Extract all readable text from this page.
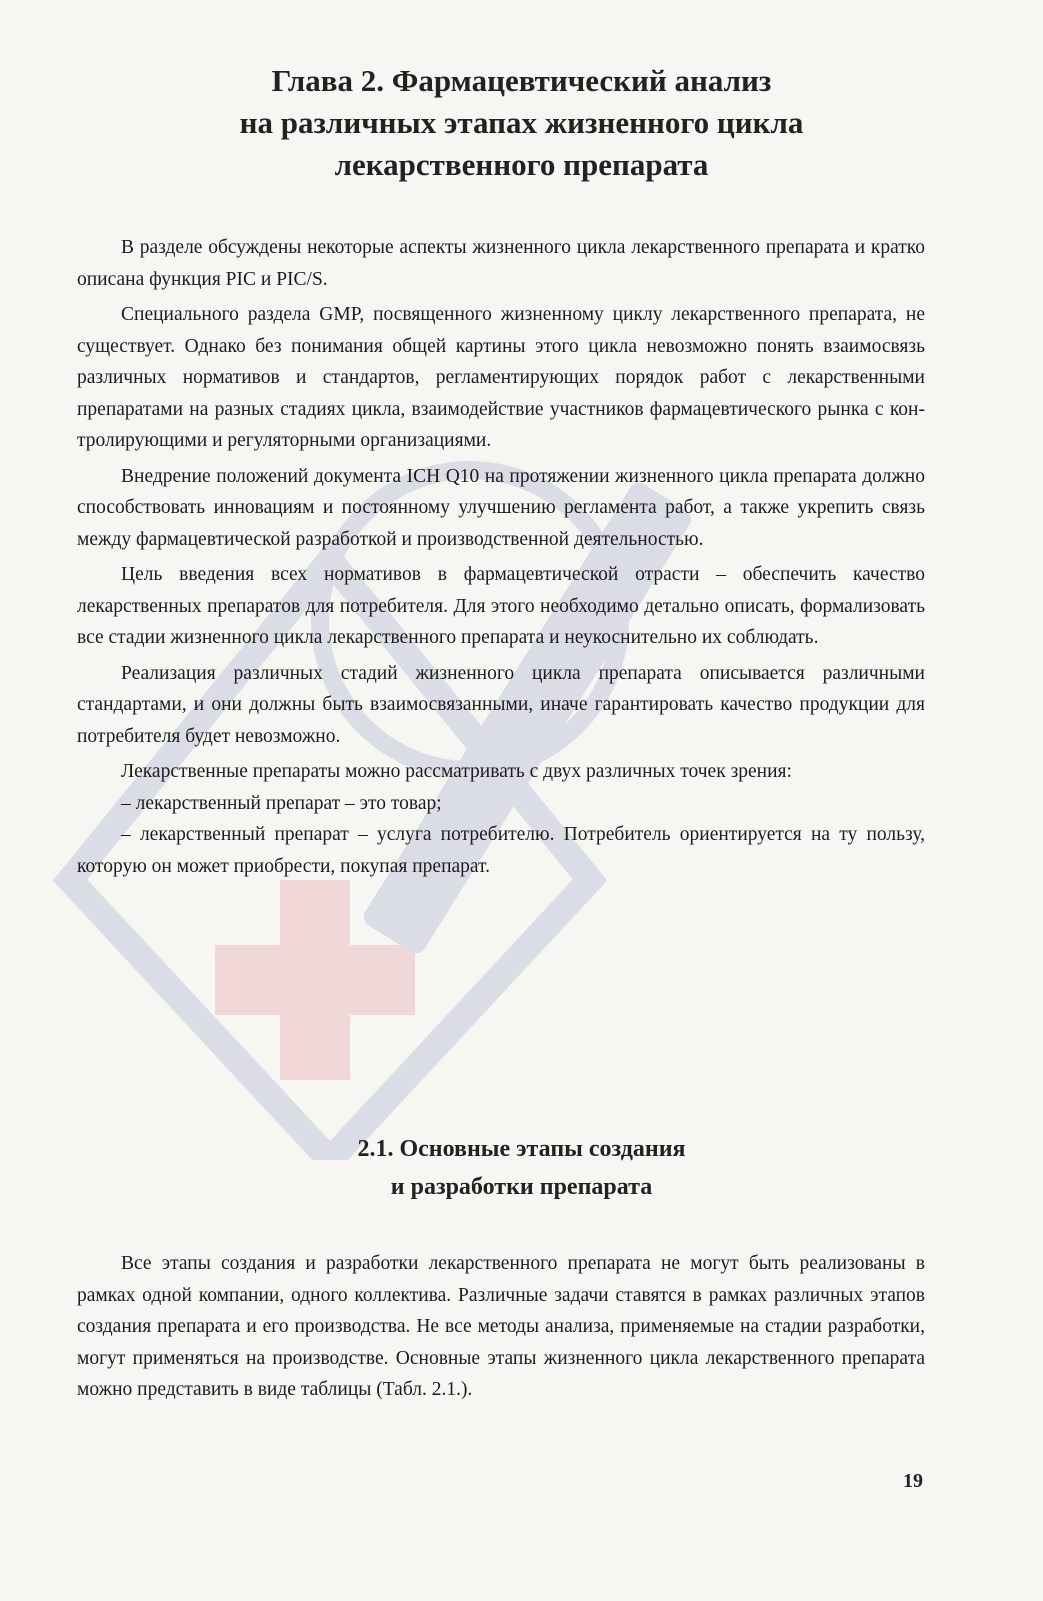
Глава 2. Фармацевтический анализ
на различных этапах жизненного цикла
лекарственного препарата

В разделе обсуждены некоторые аспекты жизненного цикла лекарственного препарата и кратко описана функция PIC и PIC/S.

Специального раздела GMP, посвященного жизненному циклу лекарственного препарата, не существует. Однако без понимания общей картины этого цикла невозможно понять взаимосвязь различных нормативов и стандартов, регламентирующих порядок работ с лекарственными препаратами на разных стадиях цикла, взаимодействие участников фармацевтического рынка с контролирующими и регуляторными организациями.

Внедрение положений документа ICH Q10 на протяжении жизненного цикла препарата должно способствовать инновациям и постоянному улучшению регламента работ, а также укрепить связь между фармацевтической разработкой и производственной деятельностью.

Цель введения всех нормативов в фармацевтической отрасти – обеспечить качество лекарственных препаратов для потребителя. Для этого необходимо детально описать, формализовать все стадии жизненного цикла лекарственного препарата и неукоснительно их соблюдать.

Реализация различных стадий жизненного цикла препарата описывается различными стандартами, и они должны быть взаимосвязанными, иначе гарантировать качество продукции для потребителя будет невозможно.

Лекарственные препараты можно рассматривать с двух различных точек зрения:

– лекарственный препарат – это товар;

– лекарственный препарат – услуга потребителю. Потребитель ориентируется на ту пользу, которую он может приобрести, покупая препарат.

2.1. Основные этапы создания
и разработки препарата

Все этапы создания и разработки лекарственного препарата не могут быть реализованы в рамках одной компании, одного коллектива. Различные задачи ставятся в рамках различных этапов создания препарата и его производства. Не все методы анализа, применяемые на стадии разработки, могут применяться на производстве. Основные этапы жизненного цикла лекарственного препарата можно представить в виде таблицы (Табл. 2.1.).

19
